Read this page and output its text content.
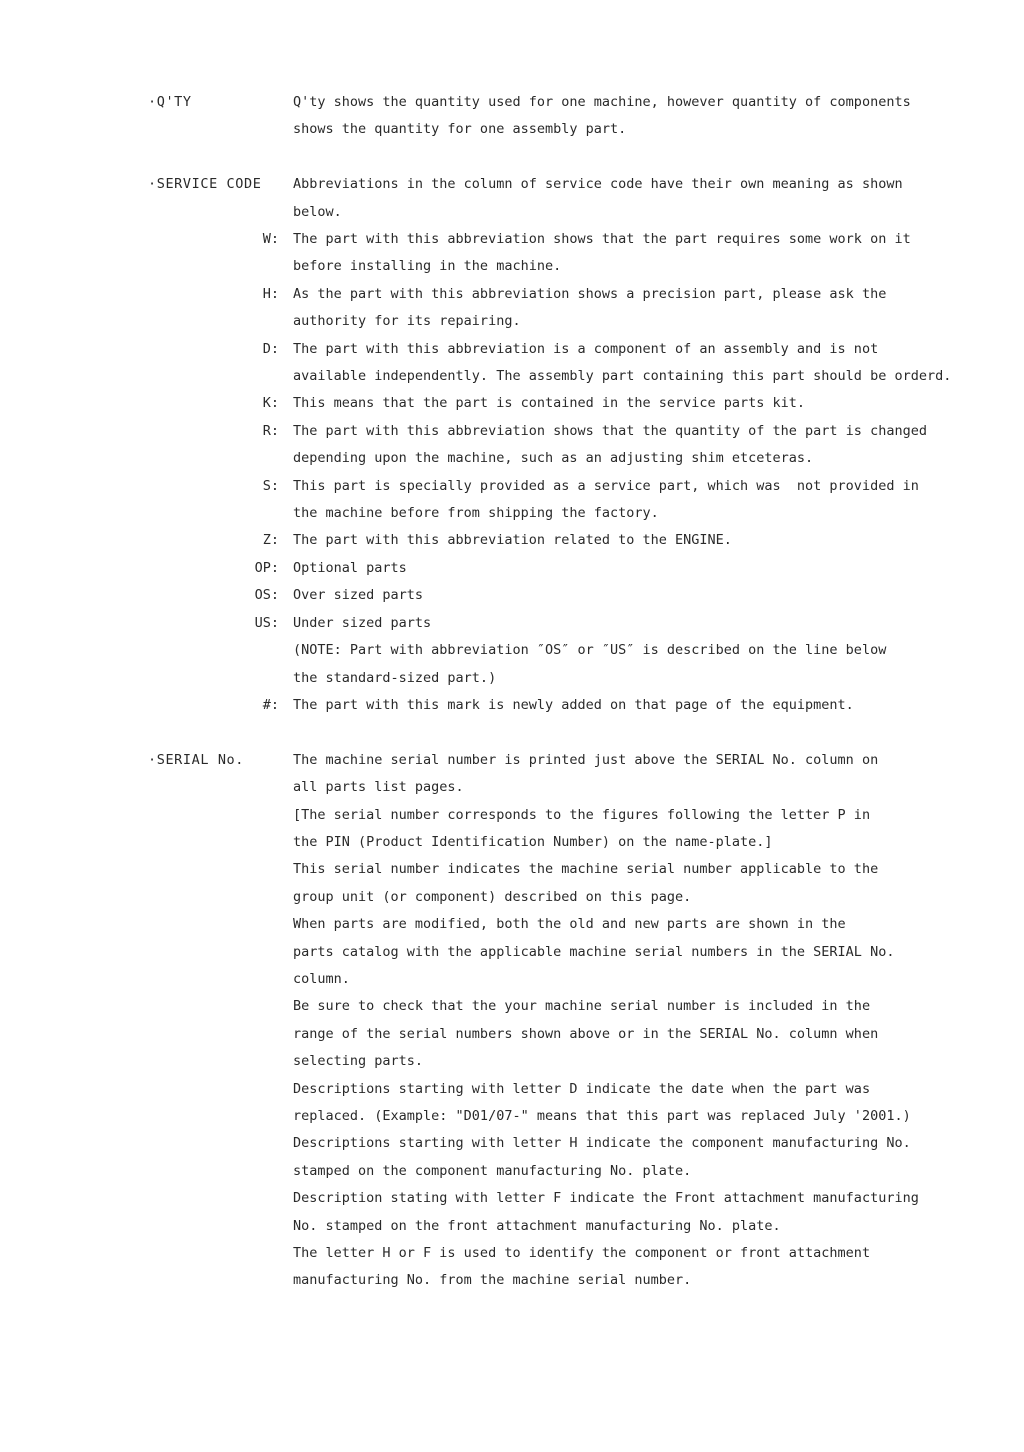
·Q'TY	Q'ty shows the quantity used for one machine, however quantity of components
shows the quantity for one assembly part.
·SERVICE CODE Abbreviations in the column of service code have their own meaning as shown
below.
W: The part with this abbreviation shows that the part requires some work on it
before installing in the machine.
H: As the part with this abbreviation shows a precision part, please ask the
authority for its repairing.
D: The part with this abbreviation is a component of an assembly and is not
available independently. The assembly part containing this part should be orderd.
K: This means that the part is contained in the service parts kit.
R: The part with this abbreviation shows that the quantity of the part is changed
depending upon the machine, such as an adjusting shim etceteras.
S: This part is specially provided as a service part, which was  not provided in
the machine before from shipping the factory.
Z: The part with this abbreviation related to the ENGINE.
OP: Optional parts
OS: Over sized parts
US: Under sized parts
(NOTE: Part with abbreviation ″OS″ or ″US″ is described on the line below
the standard-sized part.)
#: The part with this mark is newly added on that page of the equipment.
·SERIAL No.	The machine serial number is printed just above the SERIAL No. column on
all parts list pages.
[The serial number corresponds to the figures following the letter P in
the PIN (Product Identification Number) on the name-plate.]
This serial number indicates the machine serial number applicable to the
group unit (or component) described on this page.
When parts are modified, both the old and new parts are shown in the
parts catalog with the applicable machine serial numbers in the SERIAL No.
column.
Be sure to check that the your machine serial number is included in the
range of the serial numbers shown above or in the SERIAL No. column when
selecting parts.
Descriptions starting with letter D indicate the date when the part was
replaced. (Example: "D01/07-" means that this part was replaced July '2001.)
Descriptions starting with letter H indicate the component manufacturing No.
stamped on the component manufacturing No. plate.
Description stating with letter F indicate the Front attachment manufacturing
No. stamped on the front attachment manufacturing No. plate.
The letter H or F is used to identify the component or front attachment
manufacturing No. from the machine serial number.
